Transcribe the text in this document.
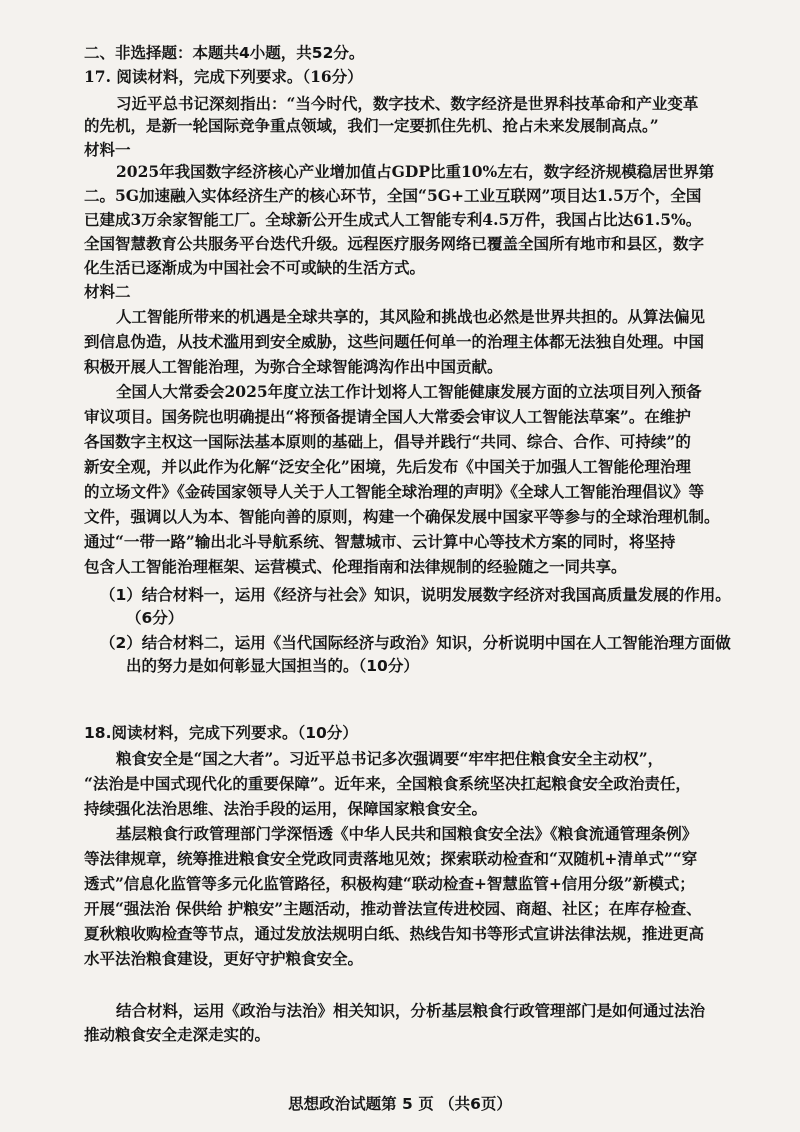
二、非选择题：本题共4小题，共52分。
17. 阅读材料，完成下列要求。（16分）
习近平总书记深刻指出：“当今时代，数字技术、数字经济是世界科技革命和产业变革
的先机，是新一轮国际竞争重点领域，我们一定要抓住先机、抢占未来发展制高点。”
材料一
2025年我国数字经济核心产业增加值占GDP比重10%左右，数字经济规模稳居世界第
二。5G加速融入实体经济生产的核心环节，全国“5G+工业互联网”项目达1.5万个，全国
已建成3万余家智能工厂。全球新公开生成式人工智能专利4.5万件，我国占比达61.5%。
全国智慧教育公共服务平台迭代升级。远程医疗服务网络已覆盖全国所有地市和县区，数字
化生活已逐渐成为中国社会不可或缺的生活方式。
材料二
人工智能所带来的机遇是全球共享的，其风险和挑战也必然是世界共担的。从算法偏见
到信息伪造，从技术滥用到安全威胁，这些问题任何单一的治理主体都无法独自处理。中国
积极开展人工智能治理，为弥合全球智能鸿沟作出中国贡献。
全国人大常委会2025年度立法工作计划将人工智能健康发展方面的立法项目列入预备
审议项目。国务院也明确提出“将预备提请全国人大常委会审议人工智能法草案”。在维护
各国数字主权这一国际法基本原则的基础上，倡导并践行“共同、综合、合作、可持续”的
新安全观，并以此作为化解“泛安全化”困境，先后发布《中国关于加强人工智能伦理治理
的立场文件》《金砖国家领导人关于人工智能全球治理的声明》《全球人工智能治理倡议》等
文件，强调以人为本、智能向善的原则，构建一个确保发展中国家平等参与的全球治理机制。
通过“一带一路”输出北斗导航系统、智慧城市、云计算中心等技术方案的同时，将坚持
包含人工智能治理框架、运营模式、伦理指南和法律规制的经验随之一同共享。
（1）结合材料一，运用《经济与社会》知识，说明发展数字经济对我国高质量发展的作用。
（6分）
（2）结合材料二，运用《当代国际经济与政治》知识，分析说明中国在人工智能治理方面做
出的努力是如何彰显大国担当的。（10分）
18.阅读材料，完成下列要求。（10分）
粮食安全是“国之大者”。习近平总书记多次强调要“牢牢把住粮食安全主动权”，
“法治是中国式现代化的重要保障”。近年来，全国粮食系统坚决扛起粮食安全政治责任，
持续强化法治思维、法治手段的运用，保障国家粮食安全。
基层粮食行政管理部门学深悟透《中华人民共和国粮食安全法》《粮食流通管理条例》
等法律规章，统筹推进粮食安全党政同责落地见效；探索联动检查和“双随机+清单式”“穿
透式”信息化监管等多元化监管路径，积极构建“联动检查+智慧监管+信用分级”新模式；
开展“强法治 保供给 护粮安”主题活动，推动普法宣传进校园、商超、社区；在库存检查、
夏秋粮收购检查等节点，通过发放法规明白纸、热线告知书等形式宣讲法律法规，推进更高
水平法治粮食建设，更好守护粮食安全。
结合材料，运用《政治与法治》相关知识，分析基层粮食行政管理部门是如何通过法治
推动粮食安全走深走实的。
思想政治试题第 5 页 （共6页）
